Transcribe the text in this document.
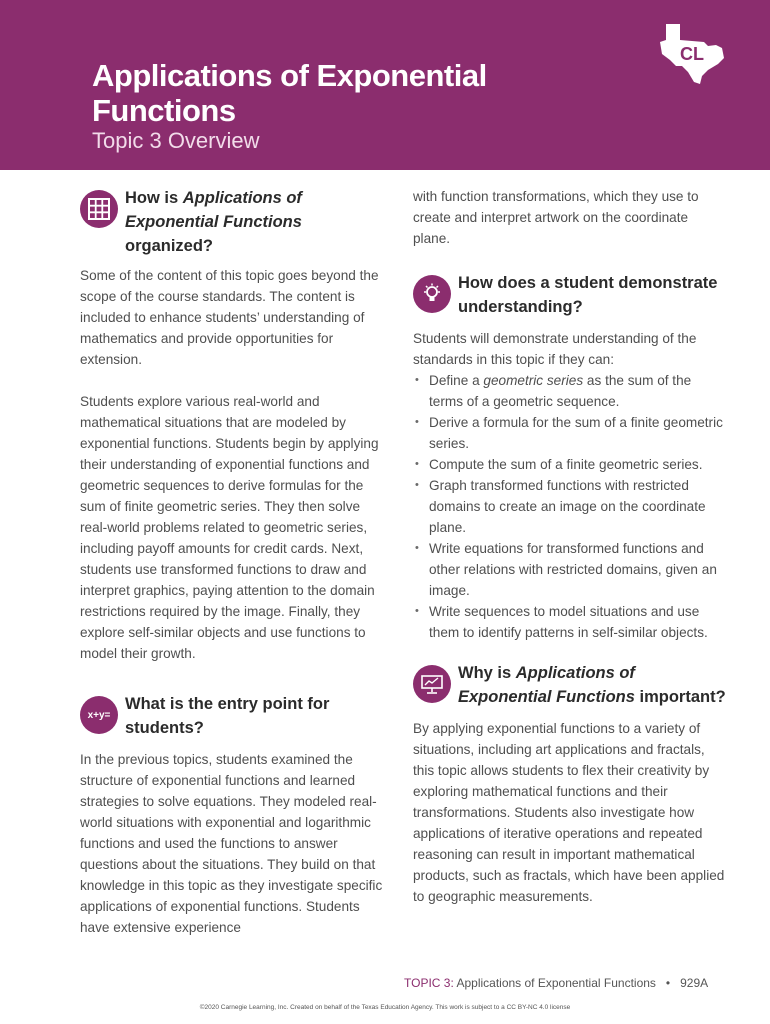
Applications of Exponential Functions
Topic 3 Overview
CL
How is Applications of Exponential Functions organized?

Some of the content of this topic goes beyond the scope of the course standards. The content is included to enhance students’ understanding of mathematics and provide opportunities for extension.

Students explore various real-world and mathematical situations that are modeled by exponential functions. Students begin by applying their understanding of exponential functions and geometric sequences to derive formulas for the sum of finite geometric series. They then solve real-world problems related to geometric series, including payoff amounts for credit cards. Next, students use transformed functions to draw and interpret graphics, paying attention to the domain restrictions required by the image. Finally, they explore self-similar objects and use functions to model their growth.

x+y=
What is the entry point for students?

In the previous topics, students examined the structure of exponential functions and learned strategies to solve equations. They modeled real-world situations with exponential and logarithmic functions and used the functions to answer questions about the situations. They build on that knowledge in this topic as they investigate specific applications of exponential functions. Students have extensive experience

with function transformations, which they use to create and interpret artwork on the coordinate plane.

How does a student demonstrate understanding?

Students will demonstrate understanding of the standards in this topic if they can:

• Define a geometric series as the sum of the terms of a geometric sequence.
• Derive a formula for the sum of a finite geometric series.
• Compute the sum of a finite geometric series.
• Graph transformed functions with restricted domains to create an image on the coordinate plane.
• Write equations for transformed functions and other relations with restricted domains, given an image.
• Write sequences to model situations and use them to identify patterns in self-similar objects.
Why is Applications of Exponential Functions important?

By applying exponential functions to a variety of situations, including art applications and fractals, this topic allows students to flex their creativity by exploring mathematical functions and their transformations. Students also investigate how applications of iterative operations and repeated reasoning can result in important mathematical products, such as fractals, which have been applied to geographic measurements.

TOPIC 3: Applications of Exponential Functions • 929A
©2020 Carnegie Learning, Inc. Created on behalf of the Texas Education Agency. This work is subject to a CC BY-NC 4.0 license
